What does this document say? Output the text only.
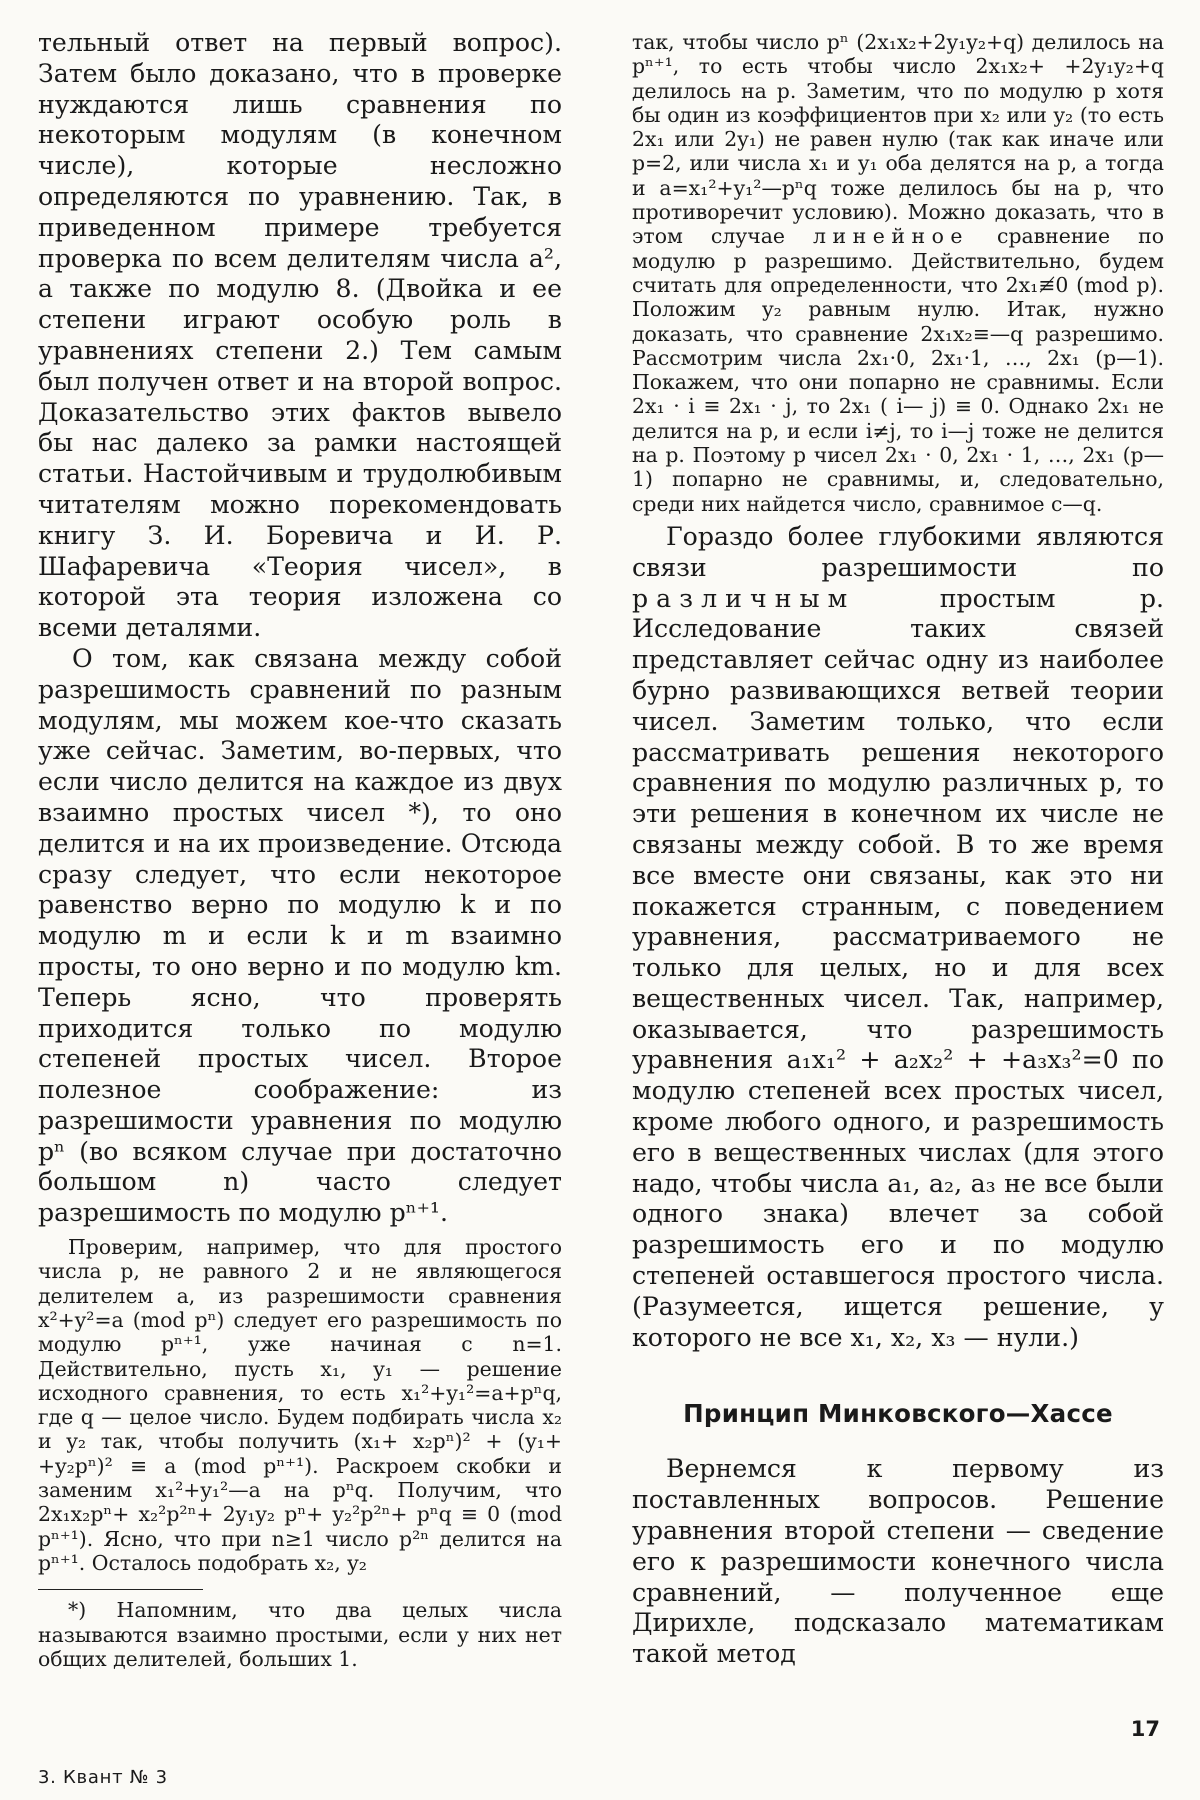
тельный ответ на первый вопрос). Затем было доказано, что в проверке нуждаются лишь сравнения по некоторым модулям (в конечном числе), которые несложно определяются по уравнению. Так, в приведенном примере требуется проверка по всем делителям числа a², а также по модулю 8. (Двойка и ее степени играют особую роль в уравнениях степени 2.) Тем самым был получен ответ и на второй вопрос. Доказательство этих фактов вывело бы нас далеко за рамки настоящей статьи. Настойчивым и трудолюбивым читателям можно порекомендовать книгу З. И. Боревича и И. Р. Шафаревича «Теория чисел», в которой эта теория изложена со всеми деталями.

О том, как связана между собой разрешимость сравнений по разным модулям, мы можем кое-что сказать уже сейчас. Заметим, во-первых, что если число делится на каждое из двух взаимно простых чисел *), то оно делится и на их произведение. Отсюда сразу следует, что если некоторое равенство верно по модулю k и по модулю m и если k и m взаимно просты, то оно верно и по модулю km. Теперь ясно, что проверять приходится только по модулю степеней простых чисел. Второе полезное соображение: из разрешимости уравнения по модулю pⁿ (во всяком случае при достаточно большом n) часто следует разрешимость по модулю pⁿ⁺¹.

Проверим, например, что для простого числа p, не равного 2 и не являющегося делителем a, из разрешимости сравнения x²+y²=a (mod pⁿ) следует его разрешимость по модулю pⁿ⁺¹, уже начиная с n=1. Действительно, пусть x₁, y₁ — решение исходного сравнения, то есть x₁²+y₁²=a+pⁿq, где q — целое число. Будем подбирать числа x₂ и y₂ так, чтобы получить (x₁+ x₂pⁿ)² + (y₁+ +y₂pⁿ)² ≡ a (mod pⁿ⁺¹). Раскроем скобки и заменим x₁²+y₁²—a на pⁿq. Получим, что 2x₁x₂pⁿ+ x₂²p²ⁿ+ 2y₁y₂ pⁿ+ y₂²p²ⁿ+ pⁿq ≡ 0 (mod pⁿ⁺¹). Ясно, что при n≥1 число p²ⁿ делится на pⁿ⁺¹. Осталось подобрать x₂, y₂

*) Напомним, что два целых числа называются взаимно простыми, если у них нет общих делителей, больших 1.

так, чтобы число pⁿ (2x₁x₂+2y₁y₂+q) делилось на pⁿ⁺¹, то есть чтобы число 2x₁x₂+ +2y₁y₂+q делилось на p. Заметим, что по модулю p хотя бы один из коэффициентов при x₂ или y₂ (то есть 2x₁ или 2y₁) не равен нулю (так как иначе или p=2, или числа x₁ и y₁ оба делятся на p, а тогда и a=x₁²+y₁²—pⁿq тоже делилось бы на p, что противоречит условию). Можно доказать, что в этом случае линейное сравнение по модулю p разрешимо. Действительно, будем считать для определенности, что 2x₁≢0 (mod p). Положим y₂ равным нулю. Итак, нужно доказать, что сравнение 2x₁x₂≡—q разрешимо. Рассмотрим числа 2x₁·0, 2x₁·1, …, 2x₁ (p—1). Покажем, что они попарно не сравнимы. Если 2x₁ · i ≡ 2x₁ · j, то 2x₁ ( i— j) ≡ 0. Однако 2x₁ не делится на p, и если i≠j, то i—j тоже не делится на p. Поэтому p чисел 2x₁ · 0, 2x₁ · 1, …, 2x₁ (p—1) попарно не сравнимы, и, следовательно, среди них найдется число, сравнимое с—q.

Гораздо более глубокими являются связи разрешимости по различным	простым p. Исследование таких связей представляет сейчас одну из наиболее бурно развивающихся ветвей теории чисел. Заметим только, что если рассматривать решения некоторого сравнения по модулю различных p, то эти решения в конечном их числе не связаны между собой. В то же время все вместе они связаны, как это ни покажется странным, с поведением уравнения, рассматриваемого не только для целых, но и для всех вещественных чисел. Так, например, оказывается, что разрешимость уравнения a₁x₁² + a₂x₂² + +a₃x₃²=0 по модулю степеней всех простых чисел, кроме любого одного, и разрешимость его в вещественных числах (для этого надо, чтобы числа a₁, a₂, a₃ не все были одного знака) влечет за собой разрешимость его и по модулю степеней оставшегося простого числа. (Разумеется, ищется решение, у которого не все x₁, x₂, x₃ — нули.)

Принцип Минковского—Хассе

Вернемся к первому из поставленных вопросов. Решение уравнения второй степени — сведение его к разрешимости конечного числа сравнений, — полученное еще Дирихле, подсказало математикам такой метод

17
3. Квант № 3
